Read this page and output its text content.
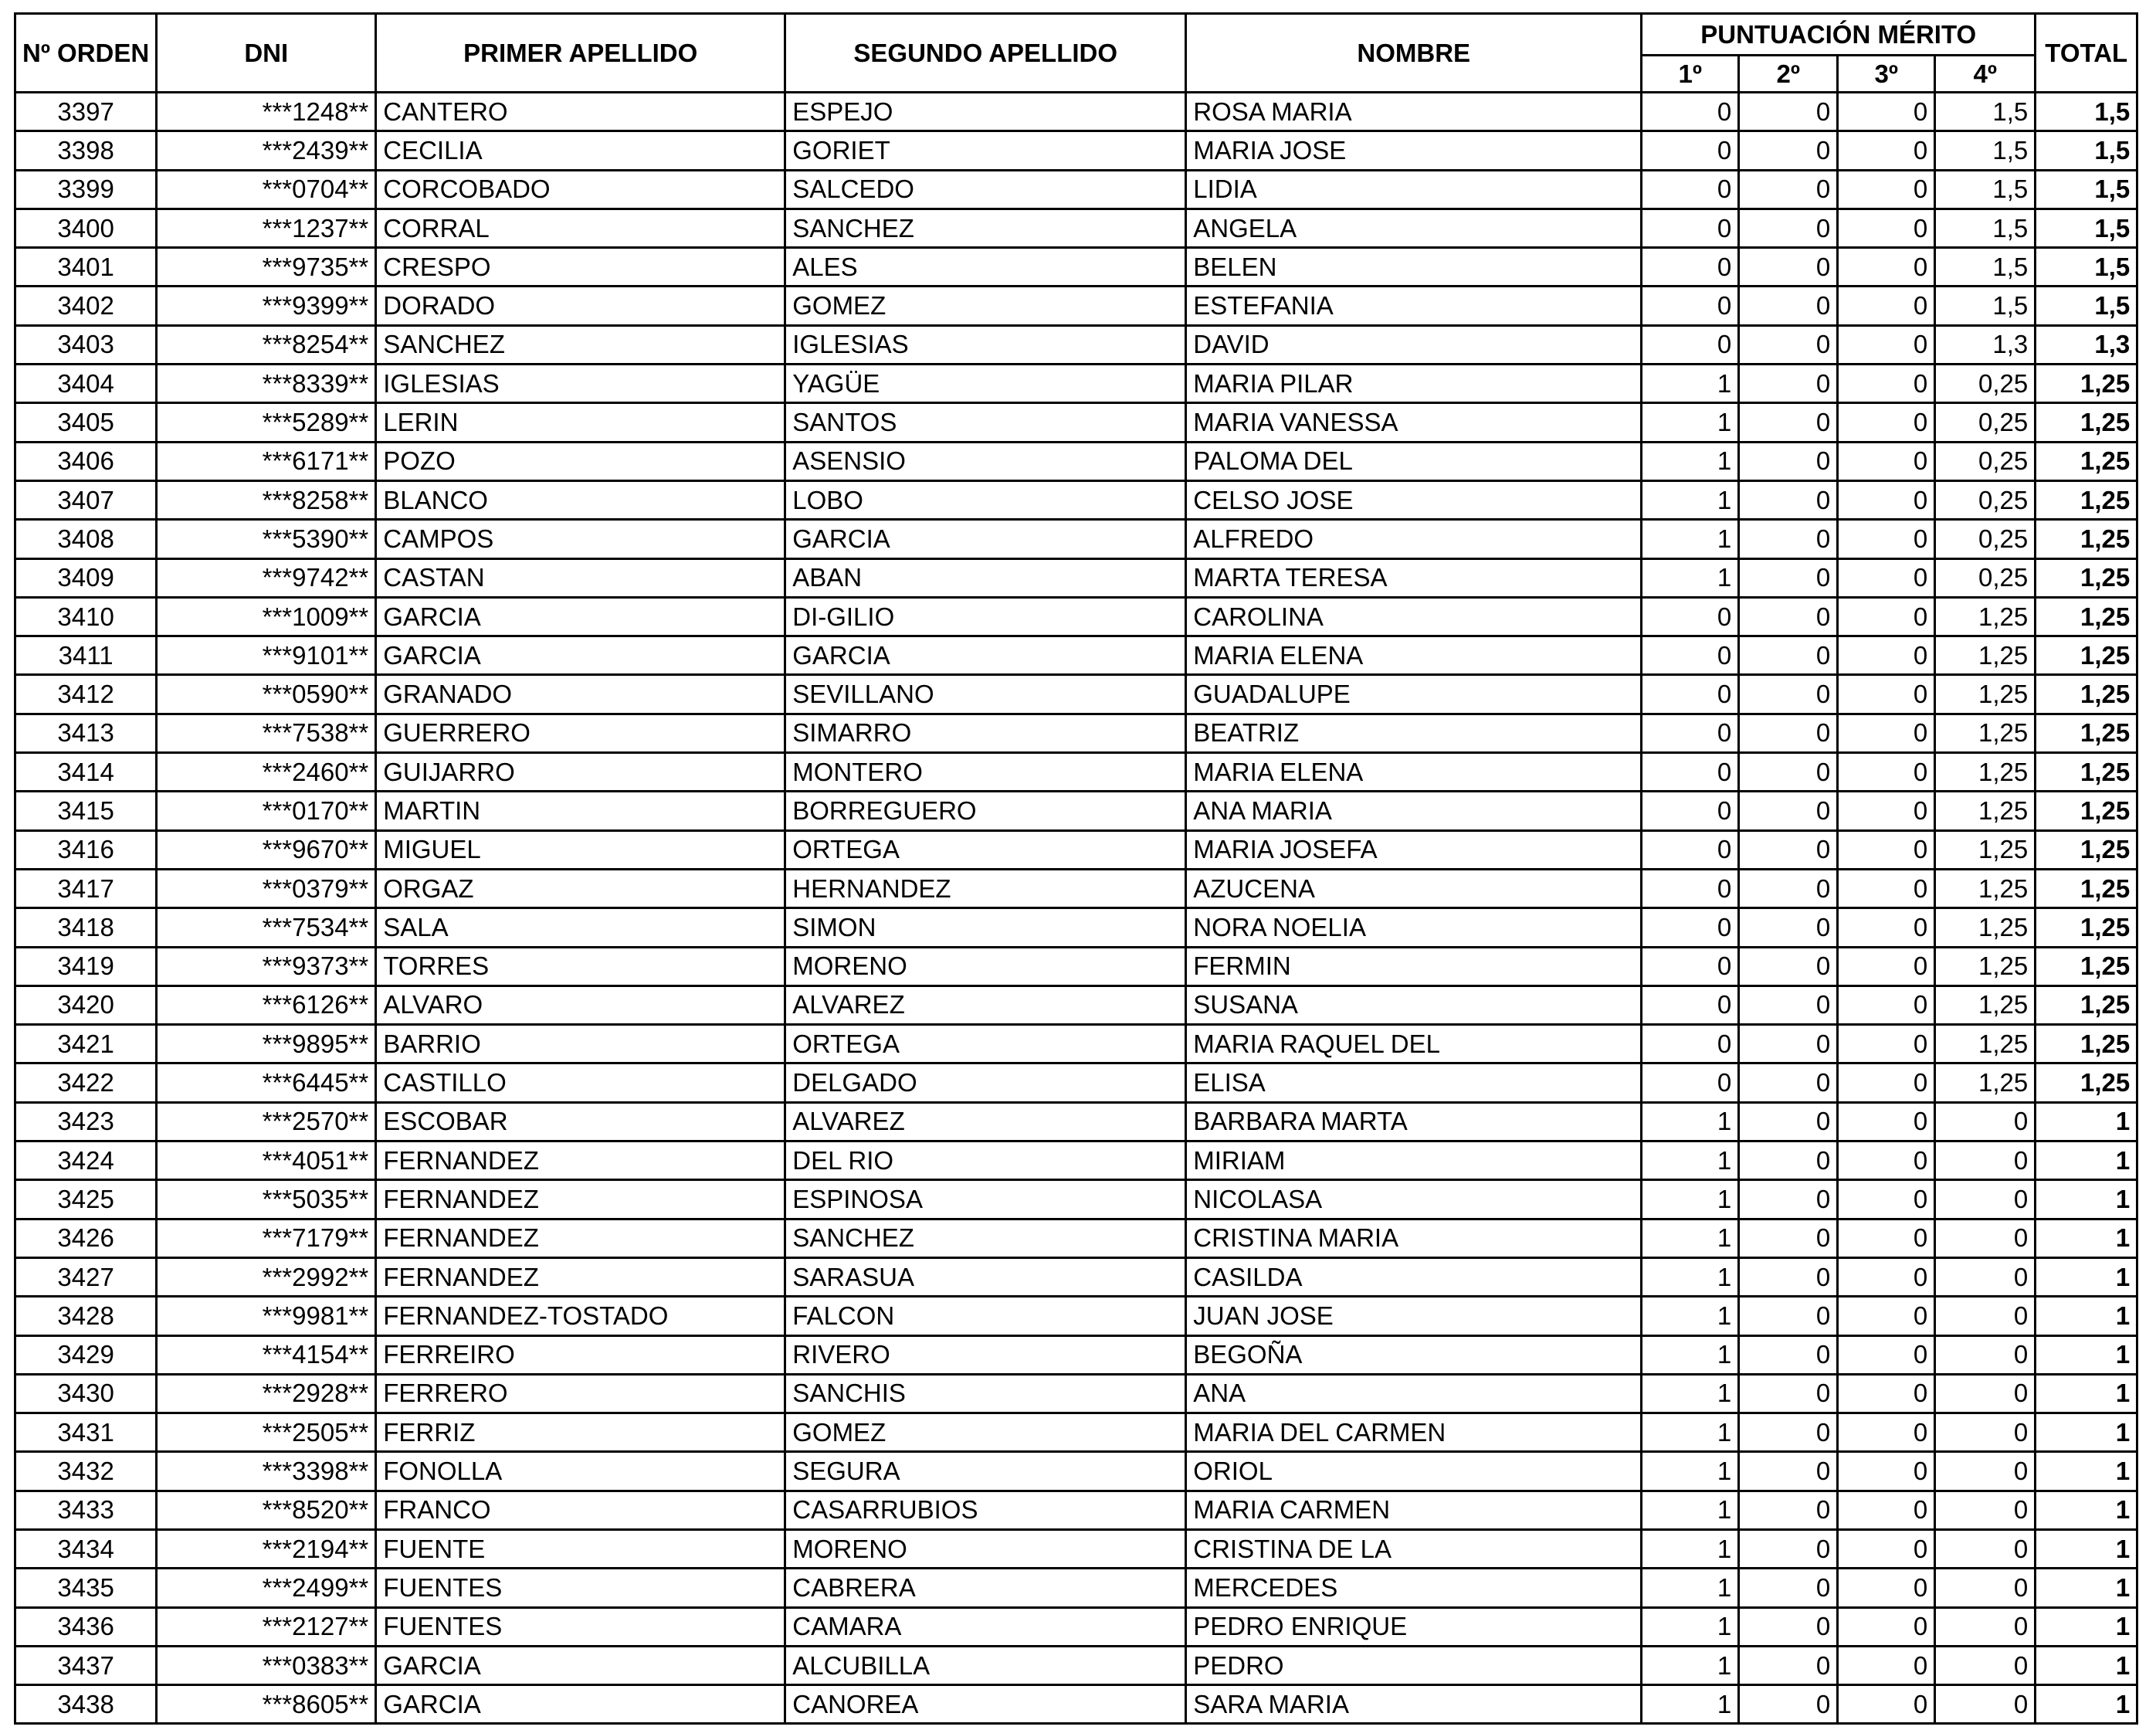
Nº ORDEN	DNI	PRIMER APELLIDO	SEGUNDO APELLIDO	NOMBRE	PUNTUACIÓN MÉRITO				TOTAL
					1º	2º	3º	4º	
3397	***1248**	CANTERO	ESPEJO	ROSA MARIA	0	0	0	1,5	1,5
3398	***2439**	CECILIA	GORIET	MARIA JOSE	0	0	0	1,5	1,5
3399	***0704**	CORCOBADO	SALCEDO	LIDIA	0	0	0	1,5	1,5
3400	***1237**	CORRAL	SANCHEZ	ANGELA	0	0	0	1,5	1,5
3401	***9735**	CRESPO	ALES	BELEN	0	0	0	1,5	1,5
3402	***9399**	DORADO	GOMEZ	ESTEFANIA	0	0	0	1,5	1,5
3403	***8254**	SANCHEZ	IGLESIAS	DAVID	0	0	0	1,3	1,3
3404	***8339**	IGLESIAS	YAGÜE	MARIA PILAR	1	0	0	0,25	1,25
3405	***5289**	LERIN	SANTOS	MARIA VANESSA	1	0	0	0,25	1,25
3406	***6171**	POZO	ASENSIO	PALOMA DEL	1	0	0	0,25	1,25
3407	***8258**	BLANCO	LOBO	CELSO JOSE	1	0	0	0,25	1,25
3408	***5390**	CAMPOS	GARCIA	ALFREDO	1	0	0	0,25	1,25
3409	***9742**	CASTAN	ABAN	MARTA TERESA	1	0	0	0,25	1,25
3410	***1009**	GARCIA	DI-GILIO	CAROLINA	0	0	0	1,25	1,25
3411	***9101**	GARCIA	GARCIA	MARIA ELENA	0	0	0	1,25	1,25
3412	***0590**	GRANADO	SEVILLANO	GUADALUPE	0	0	0	1,25	1,25
3413	***7538**	GUERRERO	SIMARRO	BEATRIZ	0	0	0	1,25	1,25
3414	***2460**	GUIJARRO	MONTERO	MARIA ELENA	0	0	0	1,25	1,25
3415	***0170**	MARTIN	BORREGUERO	ANA MARIA	0	0	0	1,25	1,25
3416	***9670**	MIGUEL	ORTEGA	MARIA JOSEFA	0	0	0	1,25	1,25
3417	***0379**	ORGAZ	HERNANDEZ	AZUCENA	0	0	0	1,25	1,25
3418	***7534**	SALA	SIMON	NORA NOELIA	0	0	0	1,25	1,25
3419	***9373**	TORRES	MORENO	FERMIN	0	0	0	1,25	1,25
3420	***6126**	ALVARO	ALVAREZ	SUSANA	0	0	0	1,25	1,25
3421	***9895**	BARRIO	ORTEGA	MARIA RAQUEL DEL	0	0	0	1,25	1,25
3422	***6445**	CASTILLO	DELGADO	ELISA	0	0	0	1,25	1,25
3423	***2570**	ESCOBAR	ALVAREZ	BARBARA MARTA	1	0	0	0	1
3424	***4051**	FERNANDEZ	DEL RIO	MIRIAM	1	0	0	0	1
3425	***5035**	FERNANDEZ	ESPINOSA	NICOLASA	1	0	0	0	1
3426	***7179**	FERNANDEZ	SANCHEZ	CRISTINA MARIA	1	0	0	0	1
3427	***2992**	FERNANDEZ	SARASUA	CASILDA	1	0	0	0	1
3428	***9981**	FERNANDEZ-TOSTADO	FALCON	JUAN JOSE	1	0	0	0	1
3429	***4154**	FERREIRO	RIVERO	BEGOÑA	1	0	0	0	1
3430	***2928**	FERRERO	SANCHIS	ANA	1	0	0	0	1
3431	***2505**	FERRIZ	GOMEZ	MARIA DEL CARMEN	1	0	0	0	1
3432	***3398**	FONOLLA	SEGURA	ORIOL	1	0	0	0	1
3433	***8520**	FRANCO	CASARRUBIOS	MARIA CARMEN	1	0	0	0	1
3434	***2194**	FUENTE	MORENO	CRISTINA DE LA	1	0	0	0	1
3435	***2499**	FUENTES	CABRERA	MERCEDES	1	0	0	0	1
3436	***2127**	FUENTES	CAMARA	PEDRO ENRIQUE	1	0	0	0	1
3437	***0383**	GARCIA	ALCUBILLA	PEDRO	1	0	0	0	1
3438	***8605**	GARCIA	CANOREA	SARA MARIA	1	0	0	0	1
